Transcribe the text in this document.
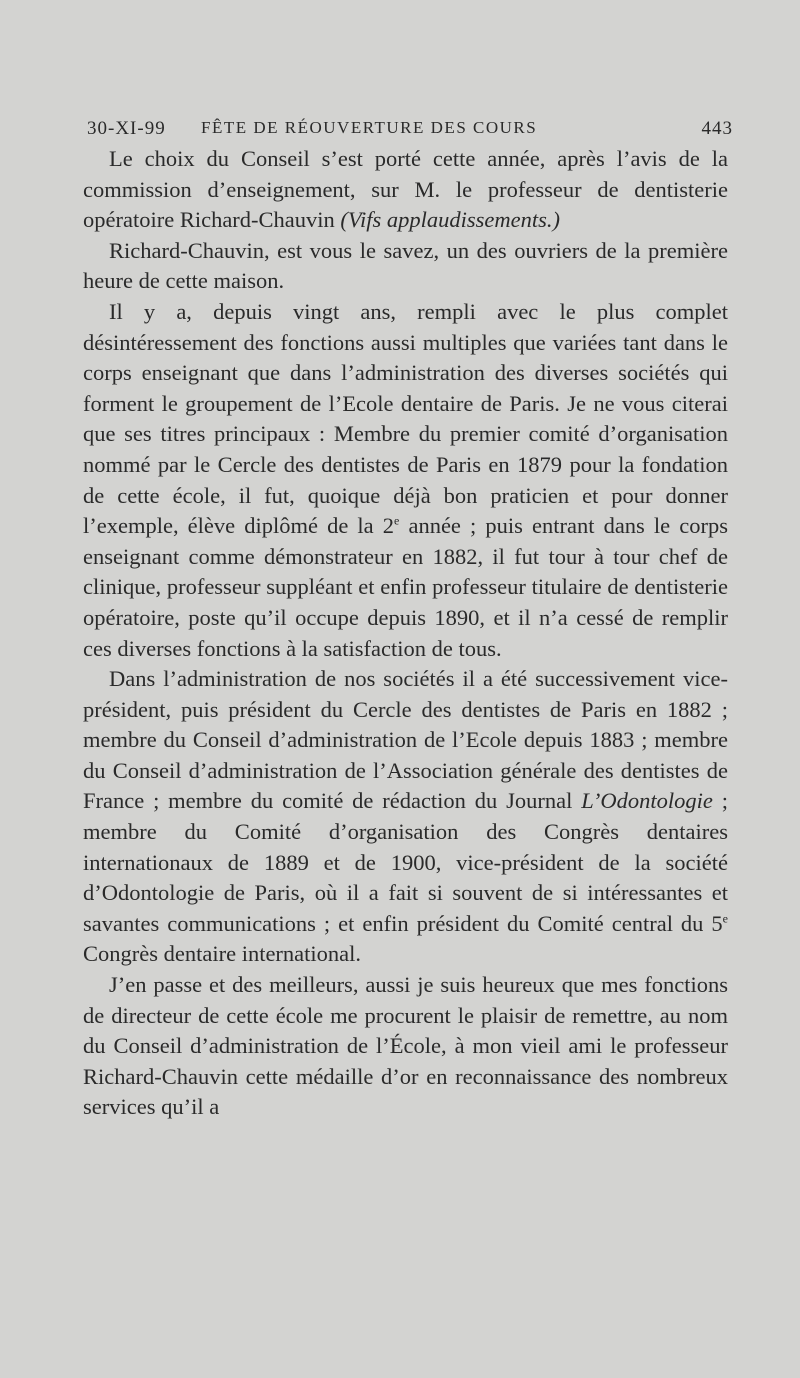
30-XI-99 FÊTE DE RÉOUVERTURE DES COURS	443

Le choix du Conseil s’est porté cette année, après l’avis de la commission d’enseignement, sur M. le professeur de dentisterie opératoire Richard-Chauvin (Vifs applaudissements.)

Richard-Chauvin, est vous le savez, un des ouvriers de la première heure de cette maison.

Il y a, depuis vingt ans, rempli avec le plus complet désintéressement des fonctions aussi multiples que variées tant dans le corps enseignant que dans l’administration des diverses sociétés qui forment le groupement de l’Ecole dentaire de Paris. Je ne vous citerai que ses titres principaux : Membre du premier comité d’organisation nommé par le Cercle des dentistes de Paris en 1879 pour la fondation de cette école, il fut, quoique déjà bon praticien et pour donner l’exemple, élève diplômé de la 2e année ; puis entrant dans le corps enseignant comme démonstrateur en 1882, il fut tour à tour chef de clinique, professeur suppléant et enfin professeur titulaire de dentisterie opératoire, poste qu’il occupe depuis 1890, et il n’a cessé de remplir ces diverses fonctions à la satisfaction de tous.

Dans l’administration de nos sociétés il a été successivement vice-président, puis président du Cercle des dentistes de Paris en 1882 ; membre du Conseil d’administration de l’Ecole depuis 1883 ; membre du Conseil d’administration de l’Association générale des dentistes de France ; membre du comité de rédaction du Journal L’Odontologie ; membre du Comité d’organisation des Congrès dentaires internationaux de 1889 et de 1900, vice-président de la société d’Odontologie de Paris, où il a fait si souvent de si intéressantes et savantes communications ; et enfin président du Comité central du 5e Congrès dentaire international.

J’en passe et des meilleurs, aussi je suis heureux que mes fonctions de directeur de cette école me procurent le plaisir de remettre, au nom du Conseil d’administration de l’École, à mon vieil ami le professeur Richard-Chauvin cette médaille d’or en reconnaissance des nombreux services qu’il a
